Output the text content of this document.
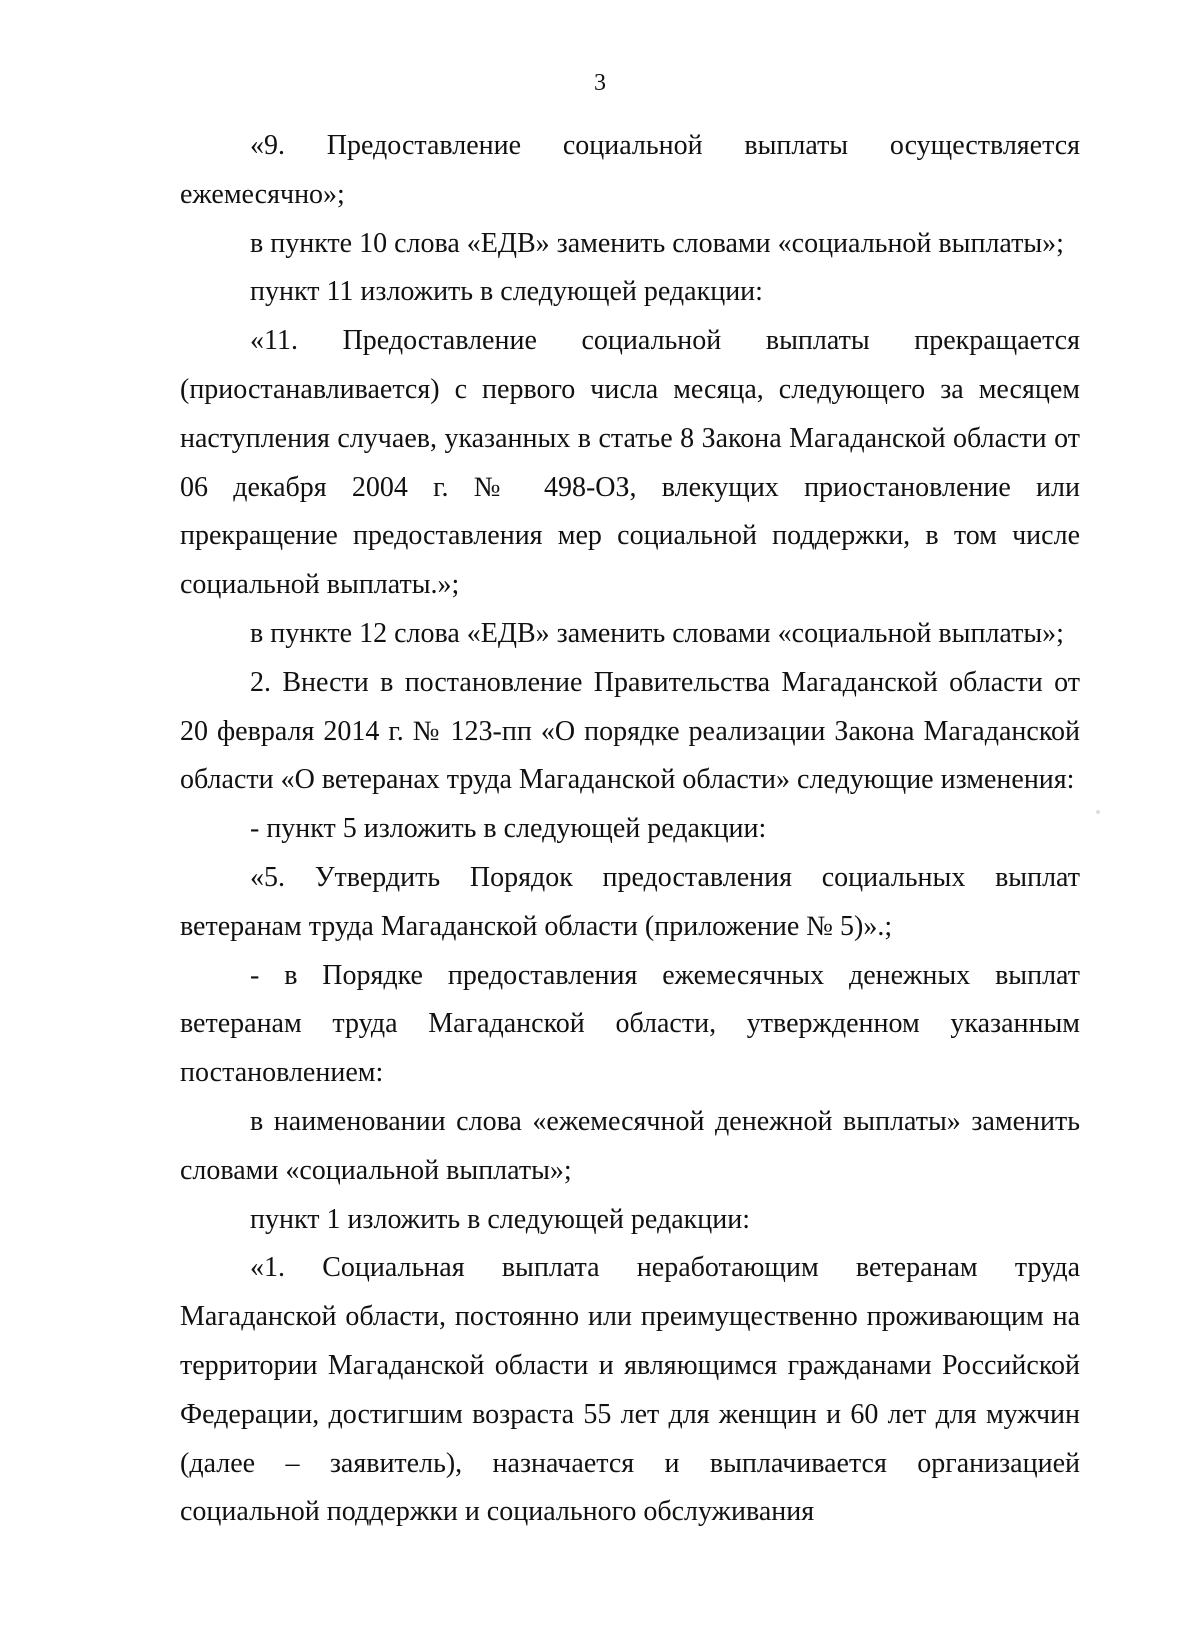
3

«9. Предоставление социальной выплаты осуществляется ежемесячно»;

в пункте 10 слова «ЕДВ» заменить словами «социальной выплаты»;

пункт 11 изложить в следующей редакции:

«11. Предоставление социальной выплаты прекращается (приостанавливается) с первого числа месяца, следующего за месяцем наступления случаев, указанных в статье 8 Закона Магаданской области от 06 декабря 2004 г. № 498-ОЗ, влекущих приостановление или прекращение предоставления мер социальной поддержки, в том числе социальной выплаты.»;

в пункте 12 слова «ЕДВ» заменить словами «социальной выплаты»;

2. Внести в постановление Правительства Магаданской области от 20 февраля 2014 г. № 123-пп «О порядке реализации Закона Магаданской области «О ветеранах труда Магаданской области» следующие изменения:

- пункт 5 изложить в следующей редакции:

«5. Утвердить Порядок предоставления социальных выплат ветеранам труда Магаданской области (приложение № 5)».;

- в Порядке предоставления ежемесячных денежных выплат ветеранам труда Магаданской области, утвержденном указанным постановлением:

в наименовании слова «ежемесячной денежной выплаты» заменить словами «социальной выплаты»;

пункт 1 изложить в следующей редакции:

«1. Социальная выплата неработающим ветеранам труда Магаданской области, постоянно или преимущественно проживающим на территории Магаданской области и являющимся гражданами Российской Федерации, достигшим возраста 55 лет для женщин и 60 лет для мужчин (далее – заявитель), назначается и выплачивается организацией социальной поддержки и социального обслуживания
